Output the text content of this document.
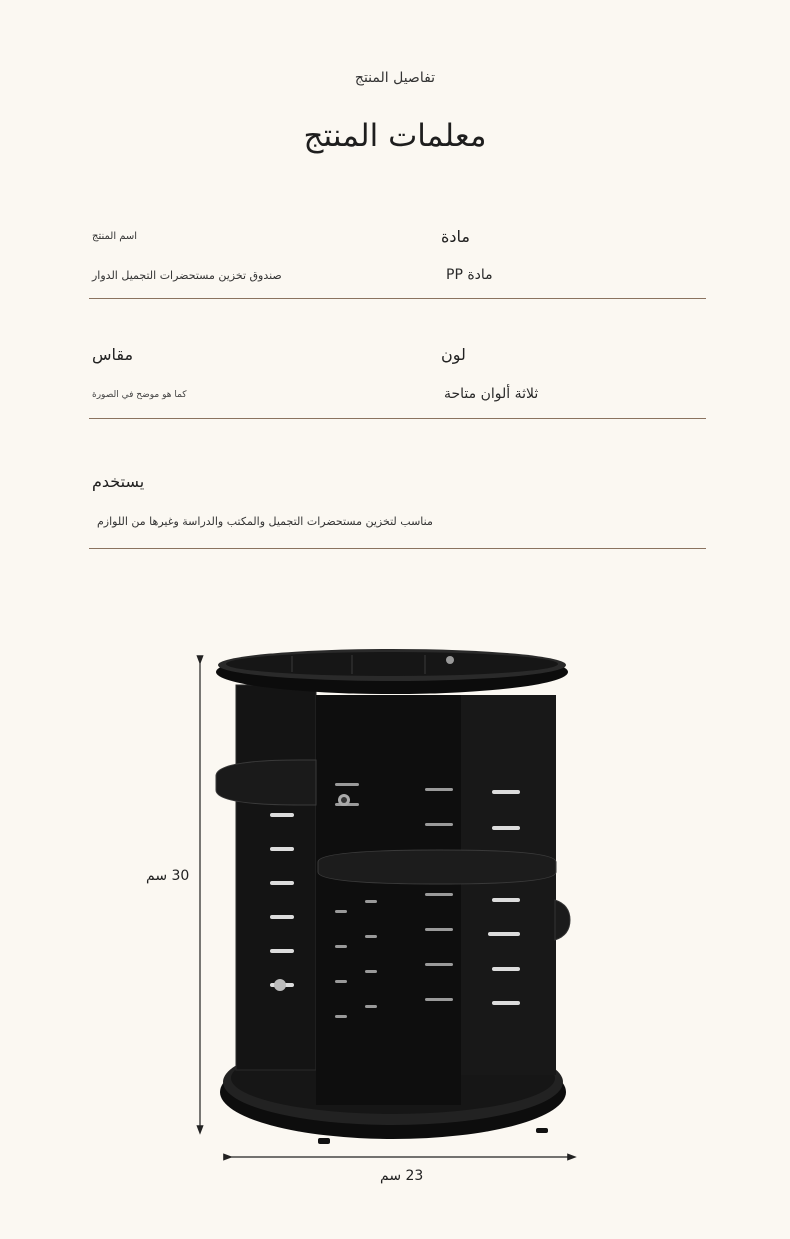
تفاصيل المنتج
معلمات المنتج
مادة
مادة PP
اسم المنتج
صندوق تخزين مستحضرات التجميل الدوار
لون
ثلاثة ألوان متاحة
مقاس
كما هو موضح في الصورة
يستخدم
مناسب لتخزين مستحضرات التجميل والمكتب والدراسة وغيرها من اللوازم
30 سم
23 سم
